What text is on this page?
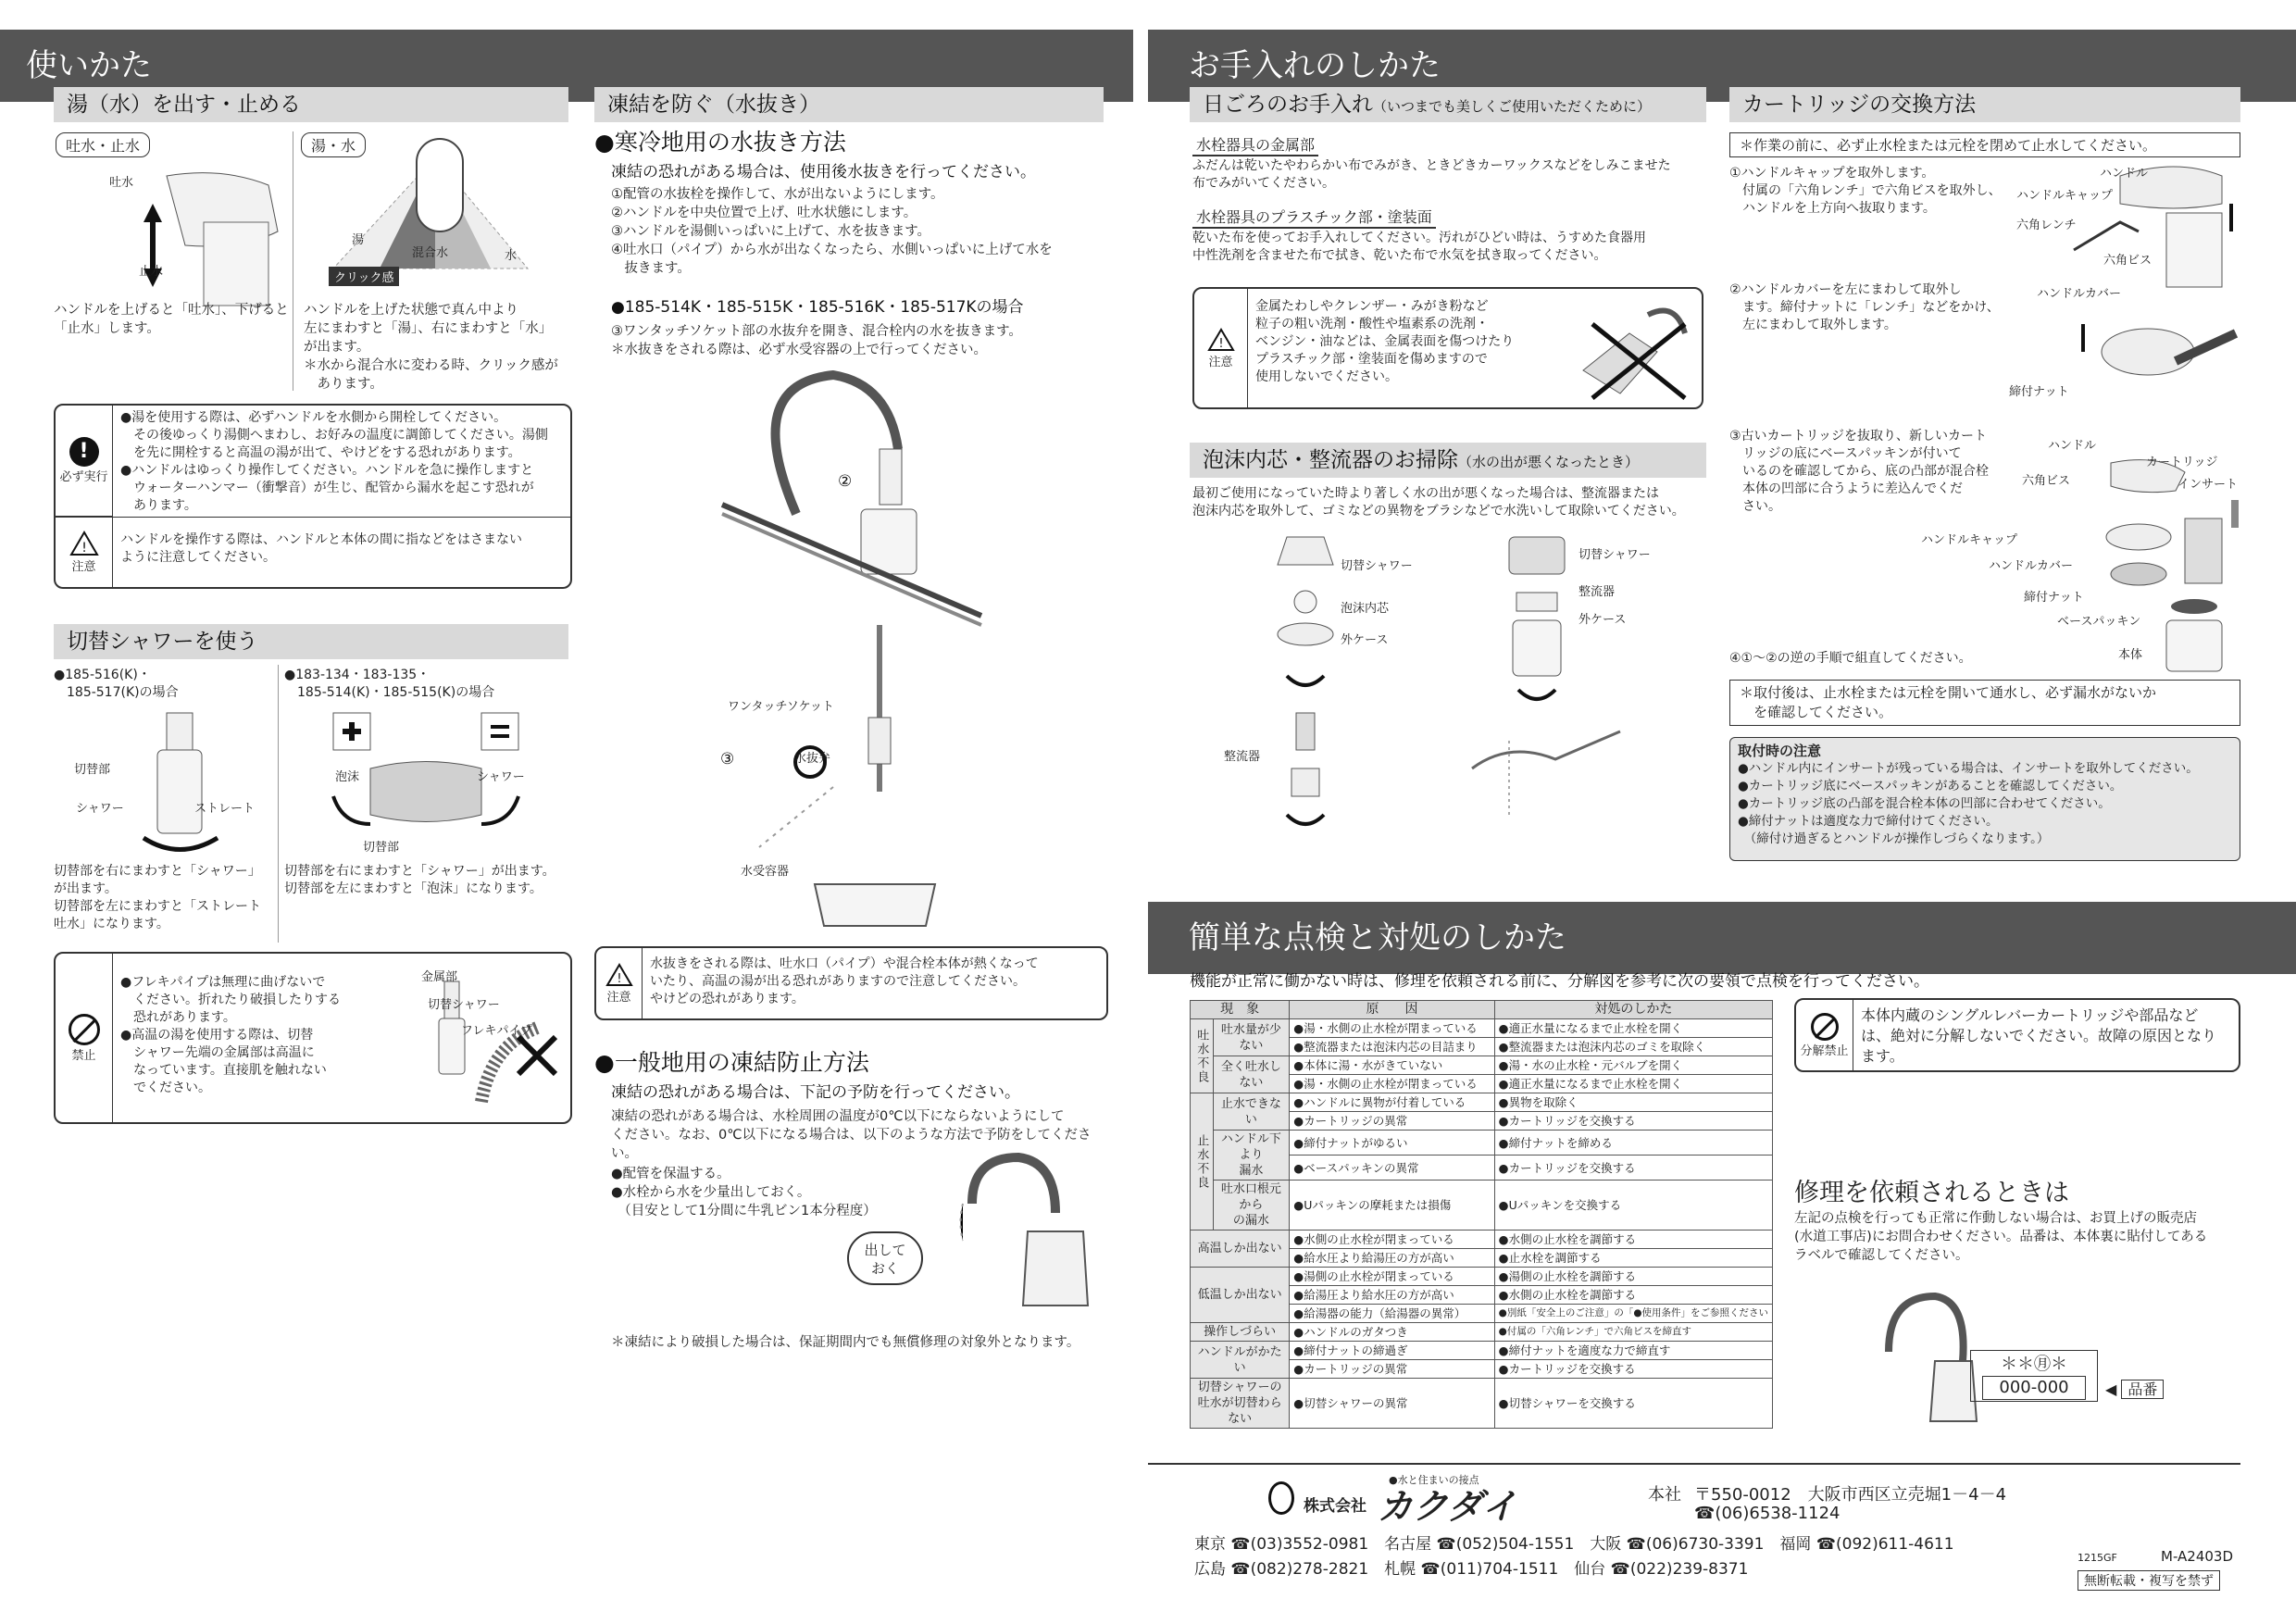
使いかた	お手入れのしかた
湯（水）を出す・止める
吐水・止水	湯・水
吐水
止水
湯
混合水	水
クリック感
ハンドルを上げると「吐水」、下げると
「止水」します。
ハンドルを上げた状態で真ん中より
左にまわすと「湯」、右にまわすと「水」
が出ます。
＊水から混合水に変わる時、クリック感が
　あります。
!
必ず実行
●湯を使用する際は、必ずハンドルを水側から開栓してください。
　その後ゆっくり湯側へまわし、お好みの温度に調節してください。湯側
　を先に開栓すると高温の湯が出て、やけどをする恐れがあります。
●ハンドルはゆっくり操作してください。ハンドルを急に操作しますと
　ウォーターハンマー（衝撃音）が生じ、配管から漏水を起こす恐れが
　あります。
!
注意
ハンドルを操作する際は、ハンドルと本体の間に指などをはさまない
ように注意してください。
切替シャワーを使う
●185-516(K)・
　185-517(K)の場合
●183-134・183-135・
　185-514(K)・185-515(K)の場合
切替部
シャワー	ストレート
泡沫	シャワー
切替部
切替部を右にまわすと「シャワー」
が出ます。
切替部を左にまわすと「ストレート
吐水」になります。
切替部を右にまわすと「シャワー」が出ます。
切替部を左にまわすと「泡沫」になります。
禁止
●フレキパイプは無理に曲げないで
　ください。折れたり破損したりする
　恐れがあります。
●高温の湯を使用する際は、切替
　シャワー先端の金属部は高温に
　なっています。直接肌を触れない
　でください。
金属部
切替シャワー
フレキパイプ
凍結を防ぐ（水抜き）
●寒冷地用の水抜き方法
凍結の恐れがある場合は、使用後水抜きを行ってください。
①配管の水抜栓を操作して、水が出ないようにします。
②ハンドルを中央位置で上げ、吐水状態にします。
③ハンドルを湯側いっぱいに上げて、水を抜きます。
④吐水口（パイプ）から水が出なくなったら、水側いっぱいに上げて水を
　抜きます。
●185-514K・185-515K・185-516K・185-517Kの場合
③ワンタッチソケット部の水抜弁を開き、混合栓内の水を抜きます。
＊水抜きをされる際は、必ず水受容器の上で行ってください。
②
ワンタッチソケット
③	水抜弁
水受容器
!
注意
水抜きをされる際は、吐水口（パイプ）や混合栓本体が熱くなって
いたり、高温の湯が出る恐れがありますので注意してください。
やけどの恐れがあります。
●一般地用の凍結防止方法
凍結の恐れがある場合は、下記の予防を行ってください。
凍結の恐れがある場合は、水栓周囲の温度が0℃以下にならないようにして
ください。なお、0℃以下になる場合は、以下のような方法で予防をしてください。
●配管を保温する。
●水栓から水を少量出しておく。
　（目安として1分間に牛乳ビン1本分程度）
出して
おく
＊凍結により破損した場合は、保証期間内でも無償修理の対象外となります。
日ごろのお手入れ（いつまでも美しくご使用いただくために）
水栓器具の金属部
ふだんは乾いたやわらかい布でみがき、ときどきカーワックスなどをしみこませた
布でみがいてください。
水栓器具のプラスチック部・塗装面
乾いた布を使ってお手入れしてください。汚れがひどい時は、うすめた食器用
中性洗剤を含ませた布で拭き、乾いた布で水気を拭き取ってください。
!
注意
金属たわしやクレンザー・みがき粉など
粒子の粗い洗剤・酸性や塩素系の洗剤・
ベンジン・油などは、金属表面を傷つけたり
プラスチック部・塗装面を傷めますので
使用しないでください。
泡沫内芯・整流器のお掃除（水の出が悪くなったとき）
最初ご使用になっていた時より著しく水の出が悪くなった場合は、整流器または
泡沫内芯を取外して、ゴミなどの異物をブラシなどで水洗いして取除いてください。
切替シャワー
泡沫内芯
外ケース
整流器
切替シャワー
整流器
外ケース
カートリッジの交換方法
＊作業の前に、必ず止水栓または元栓を閉めて止水してください。
①ハンドルキャップを取外します。
　付属の「六角レンチ」で六角ビスを取外し、
　ハンドルを上方向へ抜取ります。
ハンドル
ハンドルキャップ
六角レンチ
六角ビス
②ハンドルカバーを左にまわして取外し
　ます。締付ナットに「レンチ」などをかけ、
　左にまわして取外します。
ハンドルカバー
締付ナット
③古いカートリッジを抜取り、新しいカート
　リッジの底にベースパッキンが付いて
　いるのを確認してから、底の凸部が混合栓
　本体の凹部に合うように差込んでくだ
　さい。
ハンドル
カートリッジ
六角ビス	インサート
ハンドルキャップ
ハンドルカバー
締付ナット
ベースパッキン
本体
④①～②の逆の手順で組直してください。
＊取付後は、止水栓または元栓を開いて通水し、必ず漏水がないか
　を確認してください。
取付時の注意
●ハンドル内にインサートが残っている場合は、インサートを取外してください。
●カートリッジ底にベースパッキンがあることを確認してください。
●カートリッジ底の凸部を混合栓本体の凹部に合わせてください。
●締付ナットは適度な力で締付けてください。
　（締付け過ぎるとハンドルが操作しづらくなります。）
簡単な点検と対処のしかた
機能が正常に働かない時は、修理を依頼される前に、分解図を参考に次の要領で点検を行ってください。
現　象		原　　因	対処のしかた
吐水不良	吐水量が少ない	●湯・水側の止水栓が閉まっている	●適正水量になるまで止水栓を開く
		●整流器または泡沫内芯の目詰まり	●整流器または泡沫内芯のゴミを取除く
	全く吐水しない	●本体に湯・水がきていない	●湯・水の止水栓・元バルブを開く
		●湯・水側の止水栓が閉まっている	●適正水量になるまで止水栓を開く
止水不良	止水できない	●ハンドルに異物が付着している	●異物を取除く
		●カートリッジの異常	●カートリッジを交換する
	ハンドル下より
漏水	●締付ナットがゆるい	●締付ナットを締める
		●ベースパッキンの異常	●カートリッジを交換する
	吐水口根元から
の漏水	●Uパッキンの摩耗または損傷	●Uパッキンを交換する
高温しか出ない		●水側の止水栓が閉まっている	●水側の止水栓を調節する
		●給水圧より給湯圧の方が高い	●止水栓を調節する
低温しか出ない		●湯側の止水栓が閉まっている	●湯側の止水栓を調節する
		●給湯圧より給水圧の方が高い	●水側の止水栓を調節する
		●給湯器の能力（給湯器の異常）	●別紙「安全上のご注意」の「●使用条件」をご参照ください
操作しづらい		●ハンドルのガタつき	●付属の「六角レンチ」で六角ビスを締直す
ハンドルがかたい		●締付ナットの締過ぎ	●締付ナットを適度な力で締直す
		●カートリッジの異常	●カートリッジを交換する
切替シャワーの
吐水が切替わらない		●切替シャワーの異常	●切替シャワーを交換する
分解禁止
本体内蔵のシングルレバーカートリッジや部品など
は、絶対に分解しないでください。故障の原因となり
ます。
修理を依頼されるときは
左記の点検を行っても正常に作動しない場合は、お買上げの販売店
(水道工事店)にお問合わせください。品番は、本体裏に貼付してある
ラベルで確認してください。
＊＊㊊＊
000-000	◀ 品番
●水と住まいの接点
株式会社 カクダイ	本社 〒550-0012　大阪市西区立売堀1－4－4
☎(06)6538-1124
東京 ☎(03)3552-0981　名古屋 ☎(052)504-1551　大阪 ☎(06)6730-3391　福岡 ☎(092)611-4611
広島 ☎(082)278-2821　札幌 ☎(011)704-1511　仙台 ☎(022)239-8371
1215GF	M-A2403D
無断転載・複写を禁ず
